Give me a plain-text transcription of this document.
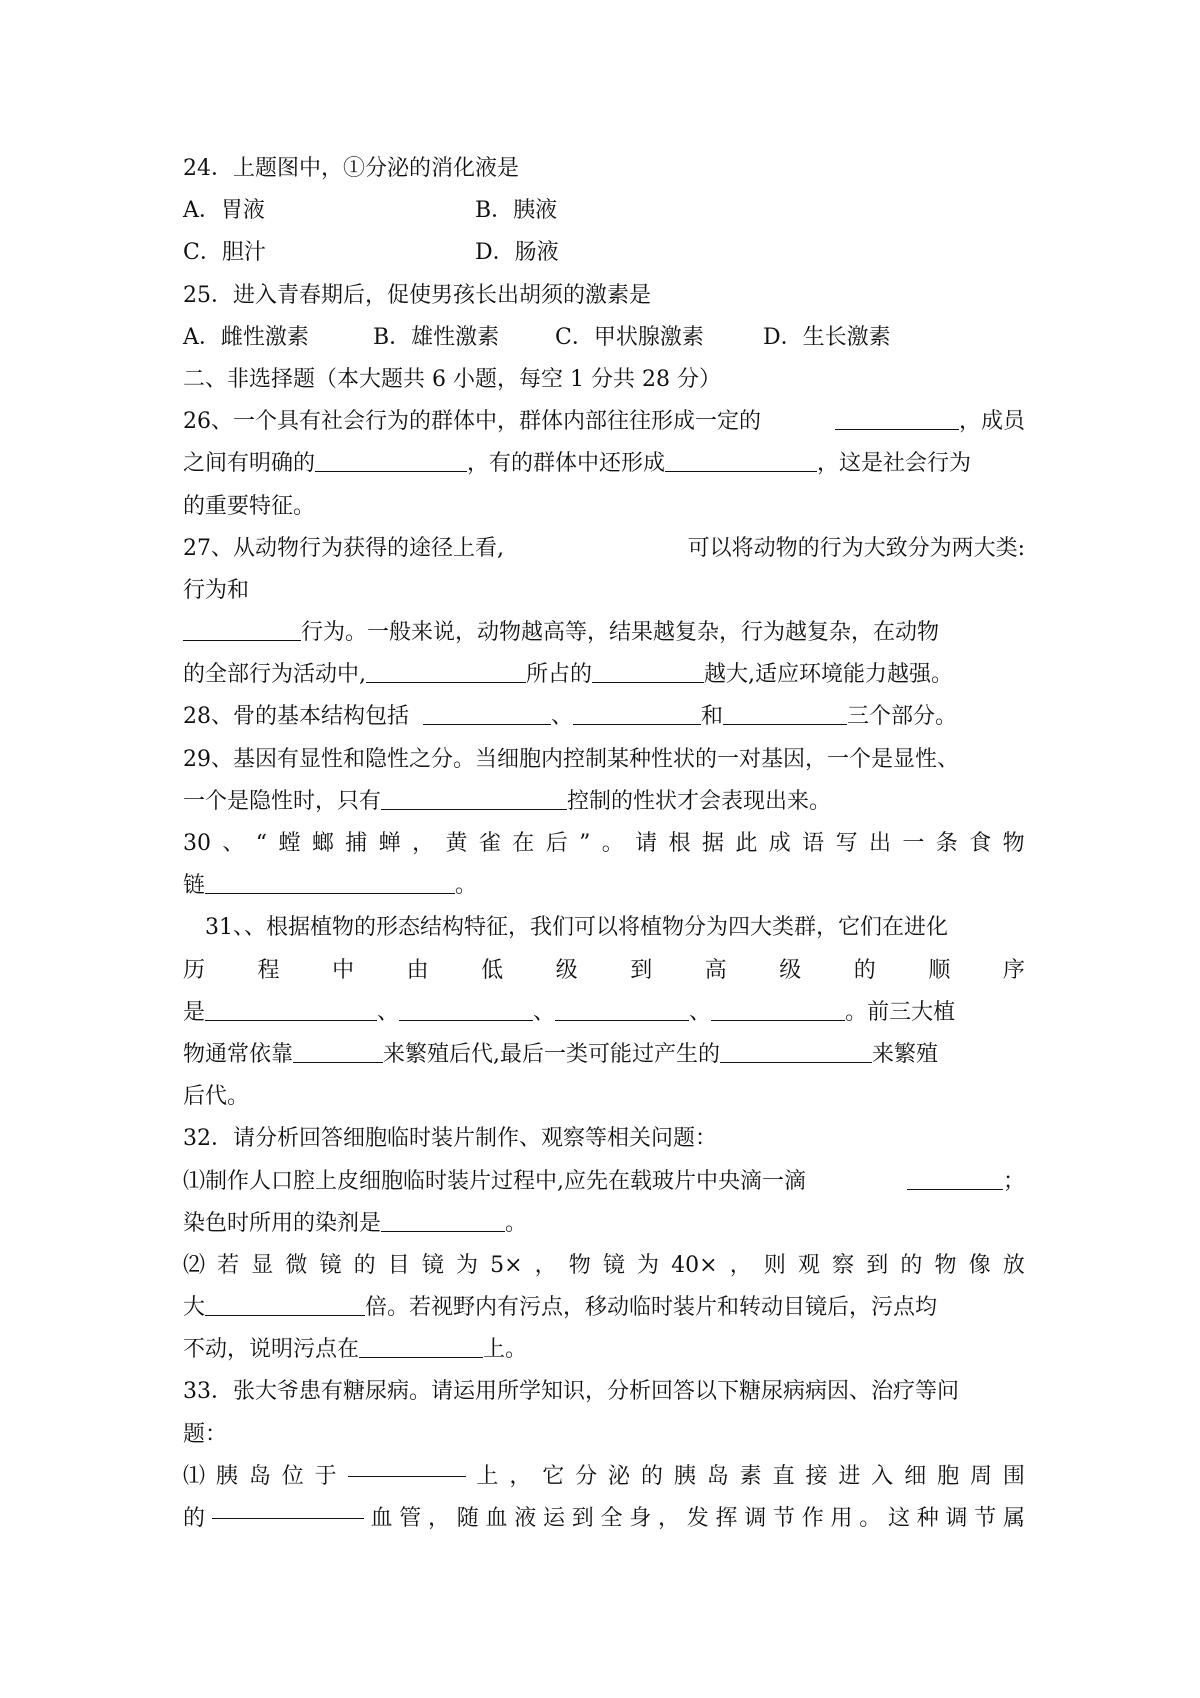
24．上题图中，①分泌的消化液是
A．胃液	B．胰液
C．胆汁	D．肠液
25．进入青春期后，促使男孩长出胡须的激素是
A．雌性激素	B．雄性激素	C．甲状腺激素	D．生长激素
二、非选择题（本大题共 6 小题，每空 1 分共 28 分）
26、一个具有社会行为的群体中，群体内部往往形成一定的	，成员
之间有明确的	，有的群体中还形成	，这是社会行为
的重要特征。
27、从动物行为获得的途径上看,	可以将动物的行为大致分为两大类:
行为和
行为。一般来说，动物越高等，结果越复杂，行为越复杂，在动物
的全部行为活动中,	所占的	越大,适应环境能力越强。
28、骨的基本结构包括	、	和	三个部分。
29、基因有显性和隐性之分。当细胞内控制某种性状的一对基因，一个是显性、
一个是隐性时，只有	控制的性状才会表现出来。
30 、 “ 螳 螂 捕 蝉 ， 黄 雀 在 后 ” 。 请 根 据 此 成 语 写 出 一 条 食 物
链	。
31、、根据植物的形态结构特征，我们可以将植物分为四大类群，它们在进化
历 程 中 由 低 级 到 高 级 的 顺 序
是	、	、	、	。前三大植
物通常依靠	来繁殖后代,最后一类可能过产生的	来繁殖
后代。
32．请分析回答细胞临时装片制作、观察等相关问题：
⑴制作人口腔上皮细胞临时装片过程中,应先在载玻片中央滴一滴	；
染色时所用的染剂是	。
⑵ 若 显 微 镜 的 目 镜 为 5× ， 物 镜 为 40× ， 则 观 察 到 的 物 像 放
大	倍。若视野内有污点，移动临时装片和转动目镜后，污点均
不动，说明污点在	上。
33．张大爷患有糖尿病。请运用所学知识，分析回答以下糖尿病病因、治疗等问
题：
⑴ 胰 岛 位 于	上 ， 它 分 泌 的 胰 岛 素 直 接 进 入 细 胞 周 围
的	血 管 ， 随 血 液 运 到 全 身 ， 发 挥 调 节 作 用 。 这 种 调 节 属
